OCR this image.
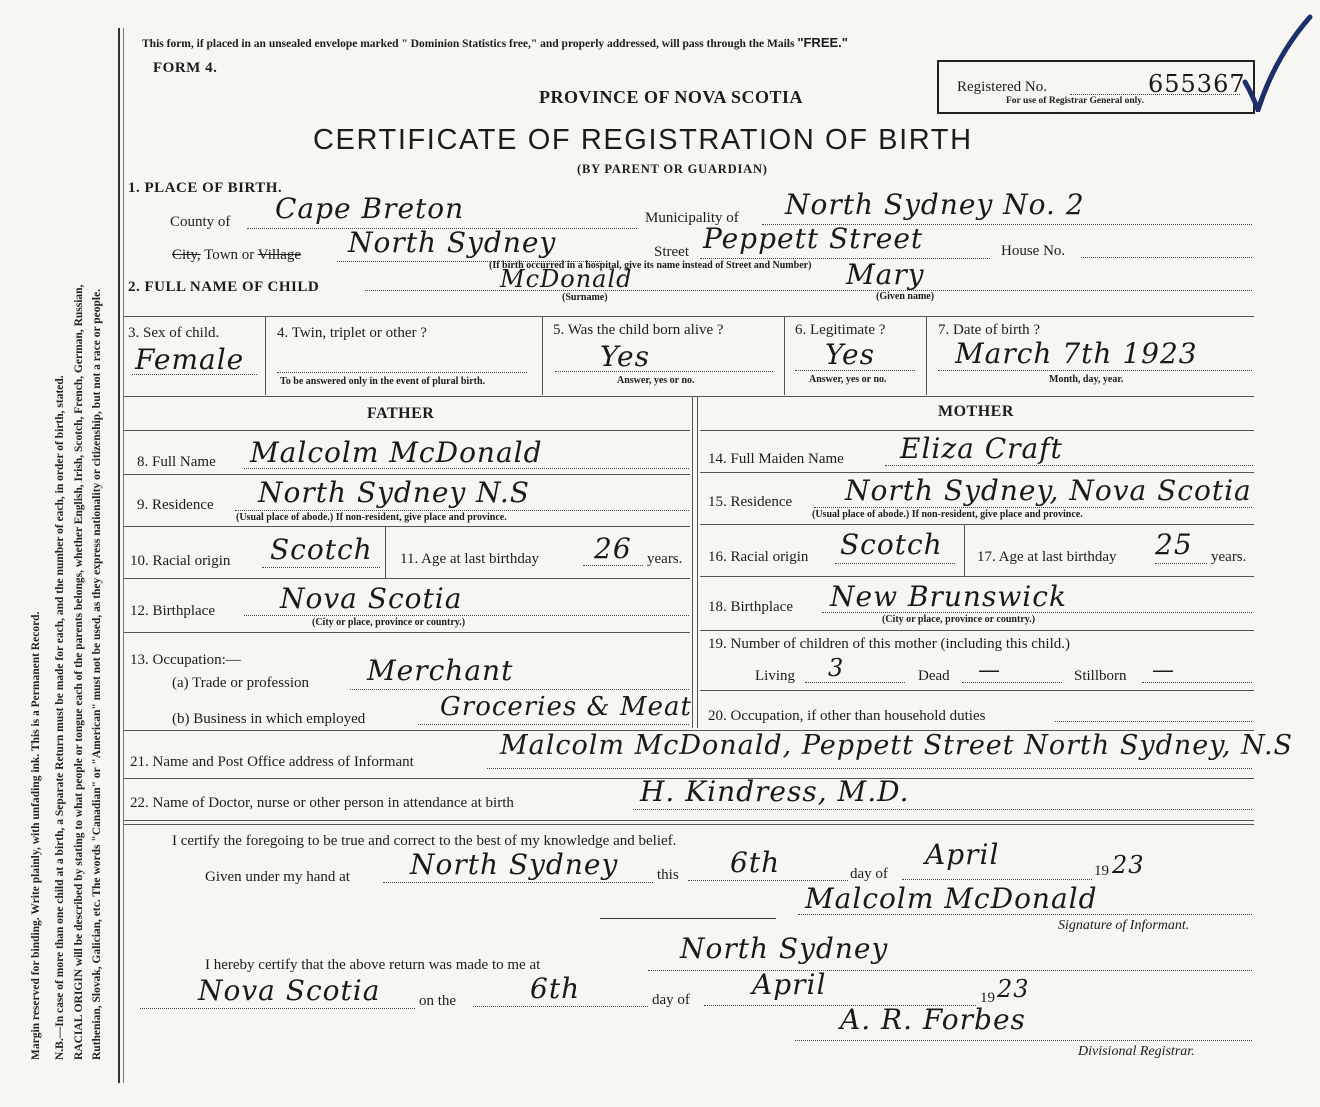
Margin reserved for binding. Write plainly, with unfading ink. This is a Permanent Record. N.B.—In case of more than one child at a birth, a Separate Return must be made for each, and the number of each, in order of birth, stated. RACIAL ORIGIN will be described by stating to what people or tongue each of the parents belongs, whether English, Irish, Scotch, French, German, Russian, Ruthenian, Slovak, Galician, etc. The words "Canadian" or "American" must not be used, as they express nationality or citizenship, but not a race or people.
This form, if placed in an unsealed envelope marked " Dominion Statistics free," and properly addressed, will pass through the Mails "FREE."
FORM 4.
PROVINCE OF NOVA SCOTIA
CERTIFICATE OF REGISTRATION OF BIRTH
(BY PARENT OR GUARDIAN)
Registered No.	655367
For use of Registrar General only.
1. PLACE OF BIRTH.
County of Cape Breton	Municipality of North Sydney No. 2
City, Town or Village North Sydney	Street Peppett Street	House No.
(If birth occurred in a hospital, give its name instead of Street and Number)
2. FULL NAME OF CHILD	McDonald
(Surname)
Mary
(Given name)
3. Sex of child.
Female
4. Twin, triplet or other ?
To be answered only in the event of plural birth.
5. Was the child born alive ?
Yes
Answer, yes or no.
6. Legitimate ?
Yes
Answer, yes or no.
7. Date of birth ?
March 7th 1923
Month, day, year.
FATHER	MOTHER
8. Full Name Malcolm McDonald	14. Full Maiden Name Eliza Craft
9. Residence North Sydney N.S
(Usual place of abode.) If non-resident, give place and province.
15. Residence North Sydney, Nova Scotia
(Usual place of abode.) If non-resident, give place and province.
10. Racial origin Scotch 11. Age at last birthday 26 years. 16. Racial origin Scotch 17. Age at last birthday 25 years.
12. Birthplace Nova Scotia
(City or place, province or country.)
18. Birthplace New Brunswick
(City or place, province or country.)
13. Occupation:—
(a) Trade or profession Merchant
(b) Business in which employed	Groceries & Meat
19. Number of children of this mother (including this child.)
Living 3	Dead —	Stillborn —
20. Occupation, if other than household duties
21. Name and Post Office address of Informant
Malcolm McDonald, Peppett Street North Sydney, N.S
22. Name of Doctor, nurse or other person in attendance at birth	H. Kindress, M.D.
I certify the foregoing to be true and correct to the best of my knowledge and belief.
Given under my hand at North Sydney	this 6th	day of
April	19 23
Malcolm McDonald
Signature of Informant.
I hereby certify that the above return was made to me at	North Sydney
Nova Scotia	on the	6th	day of April	19 23
A. R. Forbes
Divisional Registrar.
